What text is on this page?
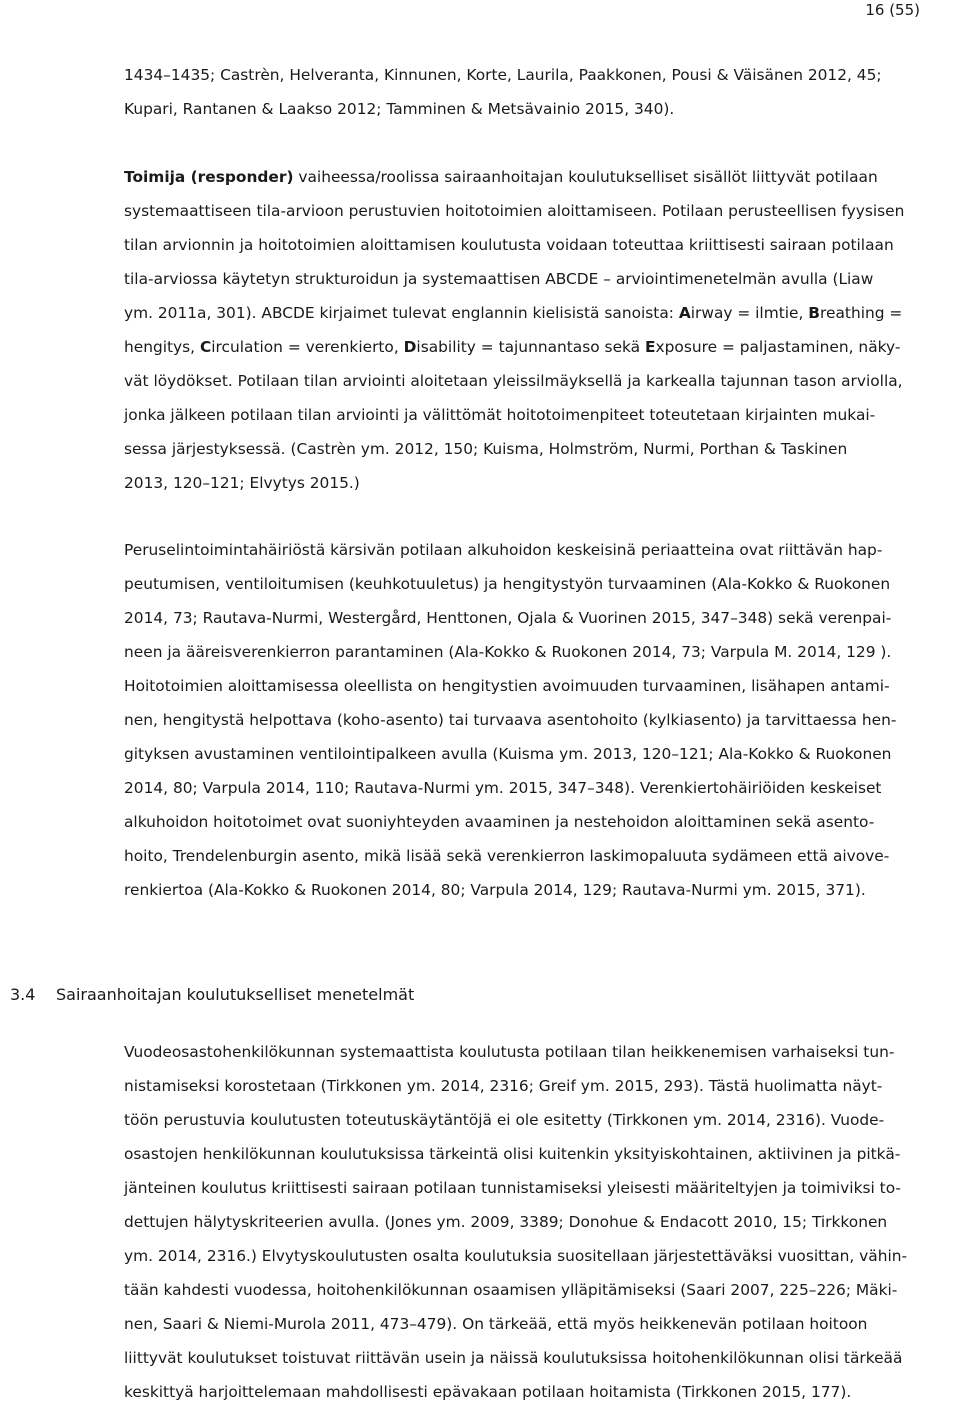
16 (55)
1434–1435; Castrèn, Helveranta, Kinnunen, Korte, Laurila, Paakkonen, Pousi & Väisänen 2012, 45;
Kupari, Rantanen & Laakso 2012; Tamminen & Metsävainio 2015, 340).
Toimija (responder) vaiheessa/roolissa sairaanhoitajan koulutukselliset sisällöt liittyvät potilaan
systemaattiseen tila-arvioon perustuvien hoitotoimien aloittamiseen. Potilaan perusteellisen fyysisen
tilan arvionnin ja hoitotoimien aloittamisen koulutusta voidaan toteuttaa kriittisesti sairaan potilaan
tila-arviossa käytetyn strukturoidun ja systemaattisen ABCDE – arviointimenetelmän avulla (Liaw
ym. 2011a, 301). ABCDE kirjaimet tulevat englannin kielisistä sanoista: Airway = ilmtie, Breathing =
hengitys, Circulation = verenkierto, Disability = tajunnantaso sekä Exposure = paljastaminen, näky-
vät löydökset. Potilaan tilan arviointi aloitetaan yleissilmäyksellä ja karkealla tajunnan tason arviolla,
jonka jälkeen potilaan tilan arviointi ja välittömät hoitotoimenpiteet toteutetaan kirjainten mukai-
sessa järjestyksessä. (Castrèn ym. 2012, 150; Kuisma, Holmström, Nurmi, Porthan & Taskinen
2013, 120–121; Elvytys 2015.)
Peruselintoimintahäiriöstä kärsivän potilaan alkuhoidon keskeisinä periaatteina ovat riittävän hap-
peutumisen, ventiloitumisen (keuhkotuuletus) ja hengitystyön turvaaminen (Ala-Kokko & Ruokonen
2014, 73; Rautava-Nurmi, Westergård, Henttonen, Ojala & Vuorinen 2015, 347–348) sekä verenpai-
neen ja ääreisverenkierron parantaminen (Ala-Kokko & Ruokonen 2014, 73; Varpula M. 2014, 129 ).
Hoitotoimien aloittamisessa oleellista on hengitystien avoimuuden turvaaminen, lisähapen antami-
nen, hengitystä helpottava (koho-asento) tai turvaava asentohoito (kylkiasento) ja tarvittaessa hen-
gityksen avustaminen ventilointipalkeen avulla (Kuisma ym. 2013, 120–121; Ala-Kokko & Ruokonen
2014, 80; Varpula 2014, 110; Rautava-Nurmi ym. 2015, 347–348). Verenkiertohäiriöiden keskeiset
alkuhoidon hoitotoimet ovat suoniyhteyden avaaminen ja nestehoidon aloittaminen sekä asento-
hoito, Trendelenburgin asento, mikä lisää sekä verenkierron laskimopaluuta sydämeen että aivove-
renkiertoa (Ala-Kokko & Ruokonen 2014, 80; Varpula 2014, 129; Rautava-Nurmi ym. 2015, 371).
3.4 Sairaanhoitajan koulutukselliset menetelmät
Vuodeosastohenkilökunnan systemaattista koulutusta potilaan tilan heikkenemisen varhaiseksi tun-
nistamiseksi korostetaan (Tirkkonen ym. 2014, 2316; Greif ym. 2015, 293). Tästä huolimatta näyt-
töön perustuvia koulutusten toteutuskäytäntöjä ei ole esitetty (Tirkkonen ym. 2014, 2316). Vuode-
osastojen henkilökunnan koulutuksissa tärkeintä olisi kuitenkin yksityiskohtainen, aktiivinen ja pitkä-
jänteinen koulutus kriittisesti sairaan potilaan tunnistamiseksi yleisesti määriteltyjen ja toimiviksi to-
dettujen hälytyskriteerien avulla. (Jones ym. 2009, 3389; Donohue & Endacott 2010, 15; Tirkkonen
ym. 2014, 2316.) Elvytyskoulutusten osalta koulutuksia suositellaan järjestettäväksi vuosittan, vähin-
tään kahdesti vuodessa, hoitohenkilökunnan osaamisen ylläpitämiseksi (Saari 2007, 225–226; Mäki-
nen, Saari & Niemi-Murola 2011, 473–479). On tärkeää, että myös heikkenevän potilaan hoitoon
liittyvät koulutukset toistuvat riittävän usein ja näissä koulutuksissa hoitohenkilökunnan olisi tärkeää
keskittyä harjoittelemaan mahdollisesti epävakaan potilaan hoitamista (Tirkkonen 2015, 177).
